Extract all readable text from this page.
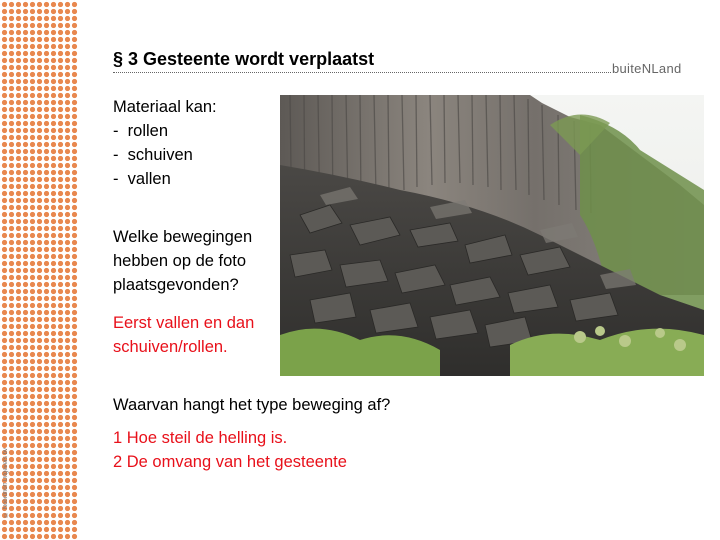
© Noordhoff Uitgevers bv
§ 3 Gesteente wordt verplaatst	buiteNLand
Materiaal kan:
- rollen
- schuiven
- vallen
Welke bewegingen
hebben op de foto
plaatsgevonden?
Eerst vallen en dan
schuiven/rollen.
Waarvan hangt het type beweging af?
1 Hoe steil de helling is.
2 De omvang van het gesteente
